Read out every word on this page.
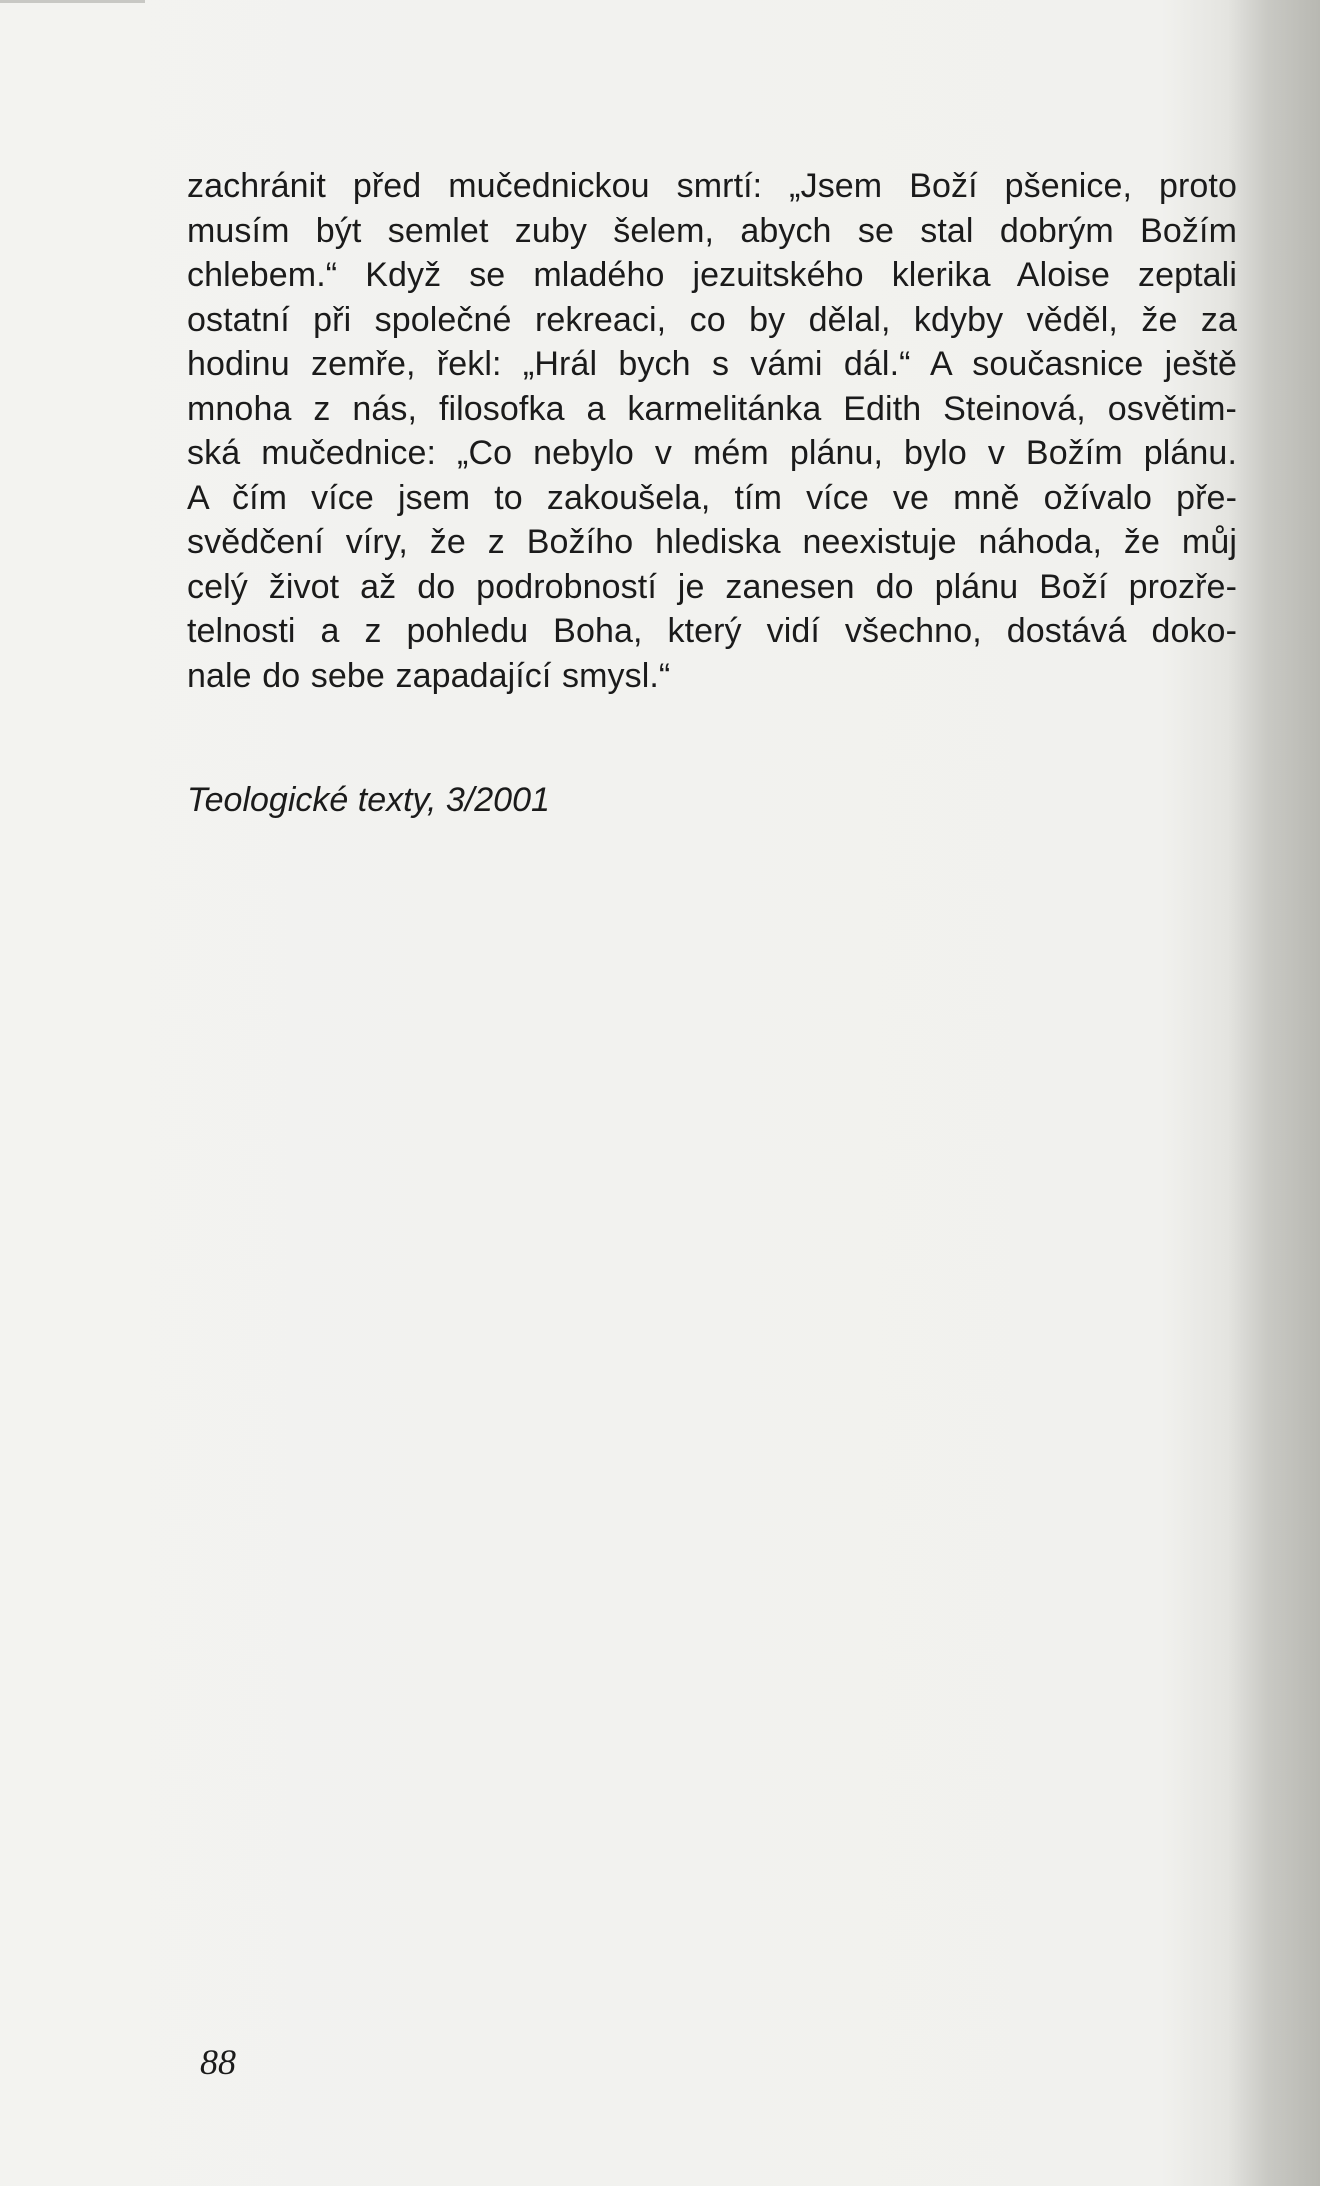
zachránit před mučednickou smrtí: „Jsem Boží pšenice, proto
musím být semlet zuby šelem, abych se stal dobrým Božím
chlebem.“ Když se mladého jezuitského klerika Aloise zeptali
ostatní při společné rekreaci, co by dělal, kdyby věděl, že za
hodinu zemře, řekl: „Hrál bych s vámi dál.“ A současnice ještě
mnoha z nás, filosofka a karmelitánka Edith Steinová, osvětim-
ská mučednice: „Co nebylo v mém plánu, bylo v Božím plánu.
A čím více jsem to zakoušela, tím více ve mně ožívalo pře-
svědčení víry, že z Božího hlediska neexistuje náhoda, že můj
celý život až do podrobností je zanesen do plánu Boží prozře-
telnosti a z pohledu Boha, který vidí všechno, dostává doko-
nale do sebe zapadající smysl.“
Teologické texty, 3/2001
88
